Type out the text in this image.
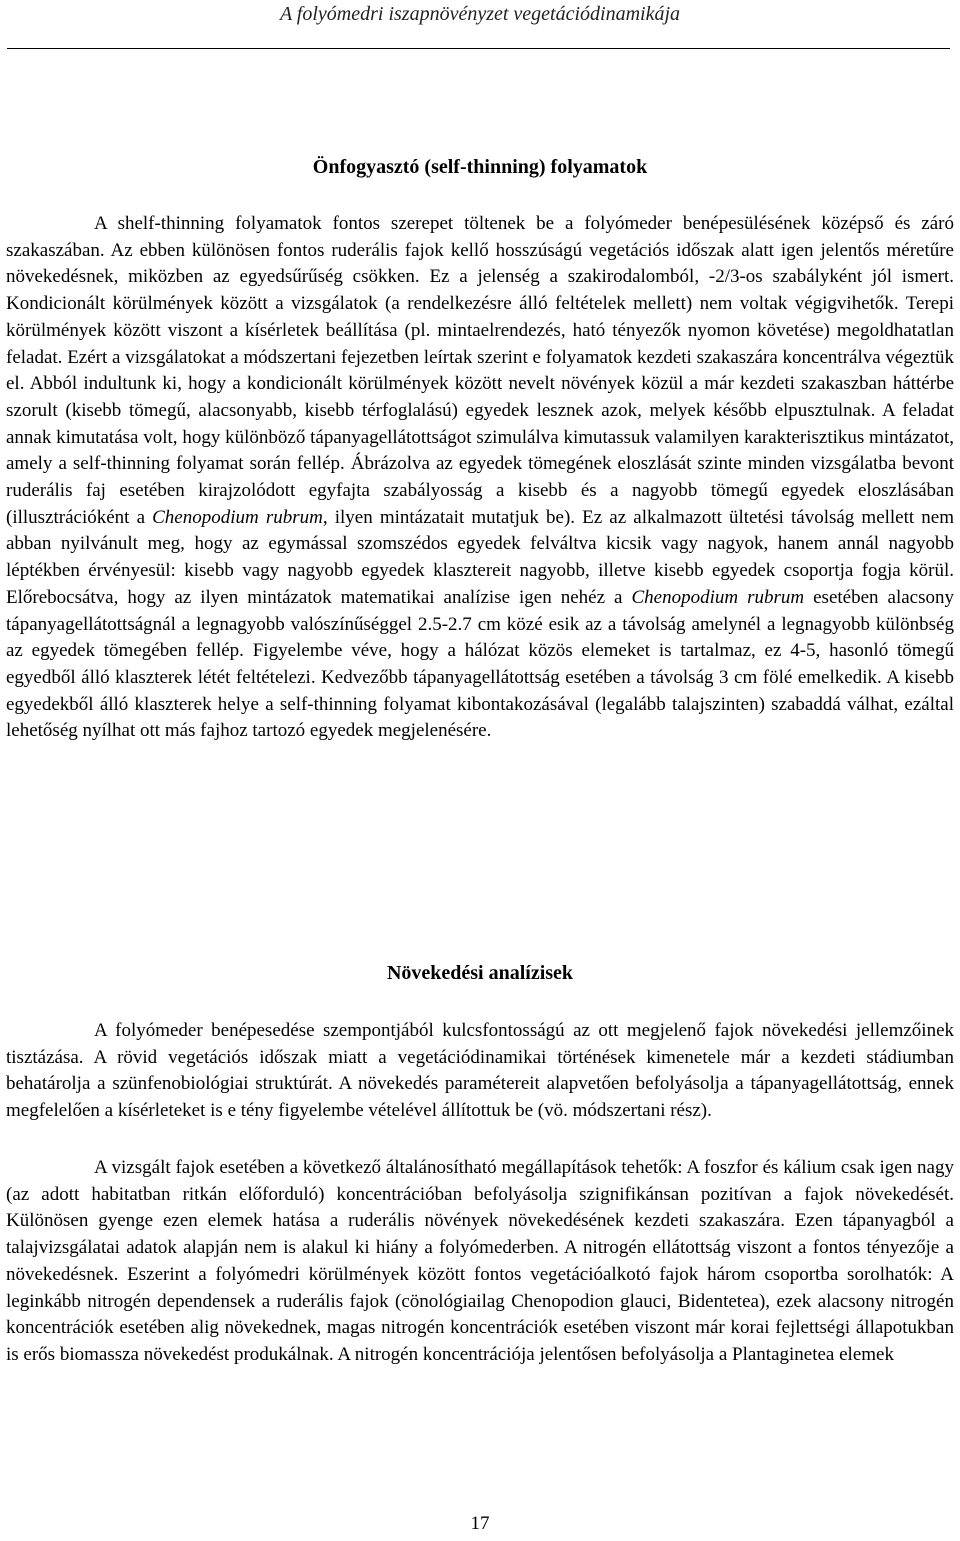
A folyómedri iszapnövényzet vegetációdinamikája
Önfogyasztó (self-thinning) folyamatok

A shelf-thinning folyamatok fontos szerepet töltenek be a folyómeder benépesülésének középső és záró szakaszában. Az ebben különösen fontos ruderális fajok kellő hosszúságú vegetációs időszak alatt igen jelentős méretűre növekedésnek, miközben az egyedsűrűség csökken. Ez a jelenség a szakirodalomból, -2/3-os szabályként jól ismert. Kondicionált körülmények között a vizsgálatok (a rendelkezésre álló feltételek mellett) nem voltak végigvihetők. Terepi körülmények között viszont a kísérletek beállítása (pl. mintaelrendezés, ható tényezők nyomon követése) megoldhatatlan feladat. Ezért a vizsgálatokat a módszertani fejezetben leírtak szerint e folyamatok kezdeti szakaszára koncentrálva végeztük el. Abból indultunk ki, hogy a kondicionált körülmények között nevelt növények közül a már kezdeti szakaszban háttérbe szorult (kisebb tömegű, alacsonyabb, kisebb térfoglalású) egyedek lesznek azok, melyek később elpusztulnak. A feladat annak kimutatása volt, hogy különböző tápanyagellátottságot szimulálva kimutassuk valamilyen karakterisztikus mintázatot, amely a self-thinning folyamat során fellép. Ábrázolva az egyedek tömegének eloszlását szinte minden vizsgálatba bevont ruderális faj esetében kirajzolódott egyfajta szabályosság a kisebb és a nagyobb tömegű egyedek eloszlásában (illusztrációként a Chenopodium rubrum, ilyen mintázatait mutatjuk be). Ez az alkalmazott ültetési távolság mellett nem abban nyilvánult meg, hogy az egymással szomszédos egyedek felváltva kicsik vagy nagyok, hanem annál nagyobb léptékben érvényesül: kisebb vagy nagyobb egyedek klasztereit nagyobb, illetve kisebb egyedek csoportja fogja körül. Előrebocsátva, hogy az ilyen mintázatok matematikai analízise igen nehéz a Chenopodium rubrum esetében alacsony tápanyagellátottságnál a legnagyobb valószínűséggel 2.5-2.7 cm közé esik az a távolság amelynél a legnagyobb különbség az egyedek tömegében fellép. Figyelembe véve, hogy a hálózat közös elemeket is tartalmaz, ez 4-5, hasonló tömegű egyedből álló klaszterek létét feltételezi. Kedvezőbb tápanyagellátottság esetében a távolság 3 cm fölé emelkedik. A kisebb egyedekből álló klaszterek helye a self-thinning folyamat kibontakozásával (legalább talajszinten) szabaddá válhat, ezáltal lehetőség nyílhat ott más fajhoz tartozó egyedek megjelenésére.

Növekedési analízisek

A folyómeder benépesedése szempontjából kulcsfontosságú az ott megjelenő fajok növekedési jellemzőinek tisztázása. A rövid vegetációs időszak miatt a vegetációdinamikai történések kimenetele már a kezdeti stádiumban behatárolja a szünfenobiológiai struktúrát. A növekedés paramétereit alapvetően befolyásolja a tápanyagellátottság, ennek megfelelően a kísérleteket is e tény figyelembe vételével állítottuk be (vö. módszertani rész).

A vizsgált fajok esetében a következő általánosítható megállapítások tehetők: A foszfor és kálium csak igen nagy (az adott habitatban ritkán előforduló) koncentrációban befolyásolja szignifikánsan pozitívan a fajok növekedését. Különösen gyenge ezen elemek hatása a ruderális növények növekedésének kezdeti szakaszára. Ezen tápanyagból a talajvizsgálatai adatok alapján nem is alakul ki hiány a folyómederben. A nitrogén ellátottság viszont a fontos tényezője a növekedésnek. Eszerint a folyómedri körülmények között fontos vegetációalkotó fajok három csoportba sorolhatók: A leginkább nitrogén dependensek a ruderális fajok (cönológiailag Chenopodion glauci, Bidentetea), ezek alacsony nitrogén koncentrációk esetében alig növekednek, magas nitrogén koncentrációk esetében viszont már korai fejlettségi állapotukban is erős biomassza növekedést produkálnak. A nitrogén koncentrációja jelentősen befolyásolja a Plantaginetea elemek

17
